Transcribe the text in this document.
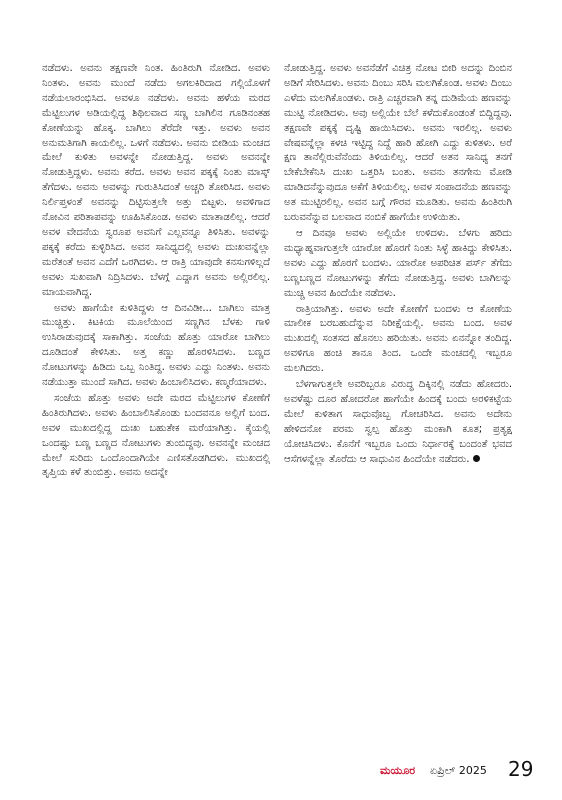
ನಡೆದಳು. ಅವನು ತಕ್ಷಣವೇ ನಿಂತ. ಹಿಂತಿರುಗಿ ನೋಡಿದ. ಅವಳು ನಿಂತಳು. ಅವನು ಮುಂದೆ ನಡೆದು ಅಗಲಕಿರಿದಾದ ಗಲ್ಲಿಯೊಳಗೆ ನಡೆಯಲಾರಂಭಿಸಿದ. ಅವಳೂ ನಡೆದಳು. ಅವನು ಹಳೆಯ ಮರದ ಮೆಟ್ಟಿಲುಗಳ ಅಡಿಯಲ್ಲಿದ್ದ ಶಿಥಿಲವಾದ ಸಣ್ಣ ಬಾಗಿಲಿನ ಗೂಡಿನಂತಹ ಕೋಣೆಯನ್ನು ಹೊಕ್ಕ. ಬಾಗಿಲು ತೆರೆದೇ ಇತ್ತು. ಅವಳು ಅವನ ಅನುಮತಿಗಾಗಿ ಕಾಯಲಿಲ್ಲ. ಒಳಗೆ ನಡೆದಳು. ಅವನು ಬೀಡಿಯ ಮಂಚದ ಮೇಲೆ ಕುಳಿತು ಅವಳನ್ನೇ ನೋಡುತ್ತಿದ್ದ. ಅವಳು ಅವನನ್ನೇ ನೋಡುತ್ತಿದ್ದಳು. ಅವನು ಕರೆದ. ಅವಳು ಅವನ ಪಕ್ಕಕ್ಕೆ ನಿಂತು ಮಾಸ್ಕ್ ತೆಗೆದಳು. ಅವನು ಅವಳನ್ನು ಗುರುತಿಸಿದಂತೆ ಅಚ್ಚರಿ ತೋರಿಸಿದ. ಅವಳು ನಿರ್ಲಿಪ್ತಳಂತೆ ಅವನನ್ನು ದಿಟ್ಟಿಸುತ್ತಲೇ ಅತ್ತು ಬಿಟ್ಟಳು. ಅವಳಿಗಾದ ನೋವಿನ ಪರಿತಾಪವನ್ನು ಊಹಿಸಿಕೊಂಡ. ಅವಳು ಮಾತಾಡಲಿಲ್ಲ. ಆದರೆ ಅವಳ ವೇದನೆಯ ಸ್ವರೂಪ ಅವನಿಗೆ ಎಲ್ಲವನ್ನೂ ತಿಳಿಸಿತು. ಅವಳನ್ನು ಪಕ್ಕಕ್ಕೆ ಕರೆದು ಕುಳ್ಳಿರಿಸಿದ. ಅವನ ಸಾನಿಧ್ಯದಲ್ಲಿ ಅವಳು ದುಃಖವನ್ನೆಲ್ಲಾ ಮರೆತಂತೆ ಅವನ ಎದೆಗೆ ಒರಗಿದಳು. ಆ ರಾತ್ರಿ ಯಾವುದೇ ಕನಸುಗಳಿಲ್ಲದೆ ಅವಳು ಸುಖವಾಗಿ ನಿದ್ರಿಸಿದಳು. ಬೆಳಗ್ಗೆ ಎದ್ದಾಗ ಅವನು ಅಲ್ಲಿರಲಿಲ್ಲ. ಮಾಯವಾಗಿದ್ದ.

ಅವಳು ಹಾಗೆಯೇ ಕುಳಿತಿದ್ದಳು ಆ ದಿನವಿಡೀ... ಬಾಗಿಲು ಮಾತ್ರ ಮುಚ್ಚಿತ್ತು. ಕಿಟಕಿಯ ಮೂಲೆಯಿಂದ ಸಣ್ಣಗಿನ ಬೆಳಕು ಗಾಳಿ ಉಸಿರಾಡುವುದಕ್ಕೆ ಸಾಕಾಗಿತ್ತು. ಸಂಜೆಯ ಹೊತ್ತು ಯಾರೋ ಬಾಗಿಲು ದೂಡಿದಂತೆ ಕೇಳಿಸಿತು. ಅತ್ತ ಕಣ್ಣು ಹೊರಳಿಸಿದಳು. ಬಣ್ಣದ ನೋಟುಗಳನ್ನು ಹಿಡಿದು ಒಬ್ಬ ನಿಂತಿದ್ದ. ಅವಳು ಎದ್ದು ನಿಂತಳು. ಅವನು ನಡೆಯುತ್ತಾ ಮುಂದೆ ಸಾಗಿದ. ಅವಳು ಹಿಂಬಾಲಿಸಿದಳು. ಕಣ್ಮರೆಯಾದಳು.

ಸಂಜೆಯ ಹೊತ್ತು ಅವಳು ಅದೇ ಮರದ ಮೆಟ್ಟಿಲುಗಳ ಕೋಣೆಗೆ ಹಿಂತಿರುಗಿದಳು. ಅವಳು ಹಿಂಬಾಲಿಸಿಕೊಂಡು ಬಂದವನೂ ಅಲ್ಲಿಗೆ ಬಂದ. ಅವಳ ಮುಖದಲ್ಲಿದ್ದ ದುಃಖ ಬಹುತೇಕ ಮರೆಯಾಗಿತ್ತು. ಕೈಯಲ್ಲಿ ಒಂದಷ್ಟು ಬಣ್ಣ ಬಣ್ಣದ ನೋಟುಗಳು ತುಂಬಿದ್ದವು. ಅವನನ್ನೇ ಮಂಚದ ಮೇಲೆ ಸುರಿದು ಒಂದೊಂದಾಗಿಯೇ ಎಣಿಸತೊಡಗಿದಳು. ಮುಖದಲ್ಲಿ ತೃಪ್ತಿಯ ಕಳೆ ತುಂಬಿತ್ತು. ಅವನು ಅದನ್ನೇ

ನೋಡುತ್ತಿದ್ದ. ಅವಳು ಅವನೆಡೆಗೆ ವಿಚಿತ್ರ ನೋಟ ಬೀರಿ ಅದನ್ನು ದಿಂಬಿನ ಅಡಿಗೆ ಸೇರಿಸಿದಳು. ಅವನು ದಿಂಬು ಸರಿಸಿ ಮಲಗಿಕೊಂಡ. ಅವಳು ದಿಂಬು ಎಳೆದು ಮಲಗಿಕೊಂಡಳು. ರಾತ್ರಿ ಎಚ್ಚರವಾಗಿ ತನ್ನ ದುಡಿಮೆಯ ಹಣವನ್ನು ಮುಟ್ಟಿ ನೋಡಿದಳು. ಅವು ಅಲ್ಲಿಯೇ ಬೆಲೆ ಕಳೆದುಕೊಂಡಂತೆ ಬಿದ್ದಿದ್ದವು. ತಕ್ಷಣವೇ ಪಕ್ಕಕ್ಕೆ ದೃಷ್ಟಿ ಹಾಯಿಸಿದಳು. ಅವನು ಇರಲಿಲ್ಲ. ಅವಳು ವೇಷವನ್ನೆಲ್ಲಾ ಕಳಚಿ ಇಟ್ಟಿದ್ದ ನಿದ್ದೆ ಹಾರಿ ಹೋಗಿ ಎದ್ದು ಕುಳಿತಳು. ಅರೆ ಕ್ಷಣ ತಾನೆಲ್ಲಿರುವೆನೆಂದು ತಿಳಿಯಲಿಲ್ಲ. ಆದರೆ ಅತನ ಸಾನಿಧ್ಯ ತನಗೆ ಬೇಕೆಬೇಕೆನಿಸಿ ದುಃಖ ಒತ್ತರಿಸಿ ಬಂತು. ಅವನು ತನಗೇನು ಮೋಡಿ ಮಾಡಿದನೆನ್ನುವುದೂ ಅಕೆಗೆ ತಿಳಿಯಲಿಲ್ಲ. ಅವಳ ಸಂಪಾದನೆಯ ಹಣವನ್ನು ಅತ ಮುಟ್ಟಿರಲಿಲ್ಲ. ಅವನ ಬಗ್ಗೆ ಗೌರವ ಮೂಡಿತು. ಅವನು ಹಿಂತಿರುಗಿ ಬರುವನೆನ್ನುವ ಬಲವಾದ ನಂಬಿಕೆ ಹಾಗೆಯೇ ಉಳಿಯಿತು.

ಆ ದಿನವೂ ಅವಳು ಅಲ್ಲಿಯೇ ಉಳಿದಳು. ಬೆಳಗು ಹರಿದು ಮಧ್ಯಾಹ್ನವಾಗುತ್ತಲೇ ಯಾರೋ ಹೊರಗೆ ನಿಂತು ಸಿಳ್ಳೆ ಹಾಕಿದ್ದು ಕೇಳಿಸಿತು. ಅವಳು ಎದ್ದು ಹೊರಗೆ ಬಂದಳು. ಯಾರೋ ಅಪರಿಚಿತ ಪರ್ಸ್ ತೆಗೆದು ಬಣ್ಣಬಣ್ಣದ ನೋಟುಗಳನ್ನು ತೆಗೆದು ನೋಡುತ್ತಿದ್ದ. ಅವಳು ಬಾಗಿಲನ್ನು ಮುಚ್ಚಿ ಅವನ ಹಿಂದೆಯೇ ನಡೆದಳು.

ರಾತ್ರಿಯಾಗಿತ್ತು. ಅವಳು ಅದೇ ಕೋಣೆಗೆ ಬಂದಳು ಆ ಕೋಣೆಯ ಮಾಲೀಕ ಬರಬಹುದೆನ್ನುವ ನಿರೀಕ್ಷೆಯಲ್ಲಿ. ಅವನು ಬಂದ. ಅವಳ ಮುಖದಲ್ಲಿ ಸಂತಸದ ಹೊನಲು ಹರಿಯಿತು. ಅವನು ಏನನ್ನೋ ತಂದಿದ್ದ. ಅವಳಿಗೂ ಹಂಚಿ ತಾನೂ ತಿಂದ. ಒಂದೇ ಮಂಚದಲ್ಲಿ ಇಬ್ಬರೂ ಮಲಗಿದರು.

ಬೆಳಗಾಗುತ್ತಲೇ ಅವರಿಬ್ಬರೂ ವಿರುದ್ಧ ದಿಕ್ಕಿನಲ್ಲಿ ನಡೆದು ಹೋದರು. ಅವಳೆಷ್ಟು ದೂರ ಹೋದರೋ ಹಾಗೆಯೇ ಹಿಂದಕ್ಕೆ ಬಂದು ಅರಳಿಕಟ್ಟೆಯ ಮೇಲೆ ಕುಳಿತಾಗ ಸಾಧುವೊಬ್ಬ ಗೋಚರಿಸಿದ. ಅವನು ಅದೇನು ಹೇಳಿದನೋ ಪರಮ ಸ್ವಲ್ಪ ಹೊತ್ತು ಮಂಕಾಗಿ ಕೂತ; ಪ್ರತ್ಯಕ್ಷ ಯೋಚಿಸಿದಳು. ಕೊನೆಗೆ ಇಬ್ಬರೂ ಒಂದು ನಿರ್ಧಾರಕ್ಕೆ ಬಂದಂತೆ ಭವದ ಆಸೆಗಳನ್ನೆಲ್ಲಾ ತೊರೆದು ಆ ಸಾಧುವಿನ ಹಿಂದೆಯೇ ನಡೆದರು.

ಮಯೂರ ಏಪ್ರಿಲ್ 2025 29
